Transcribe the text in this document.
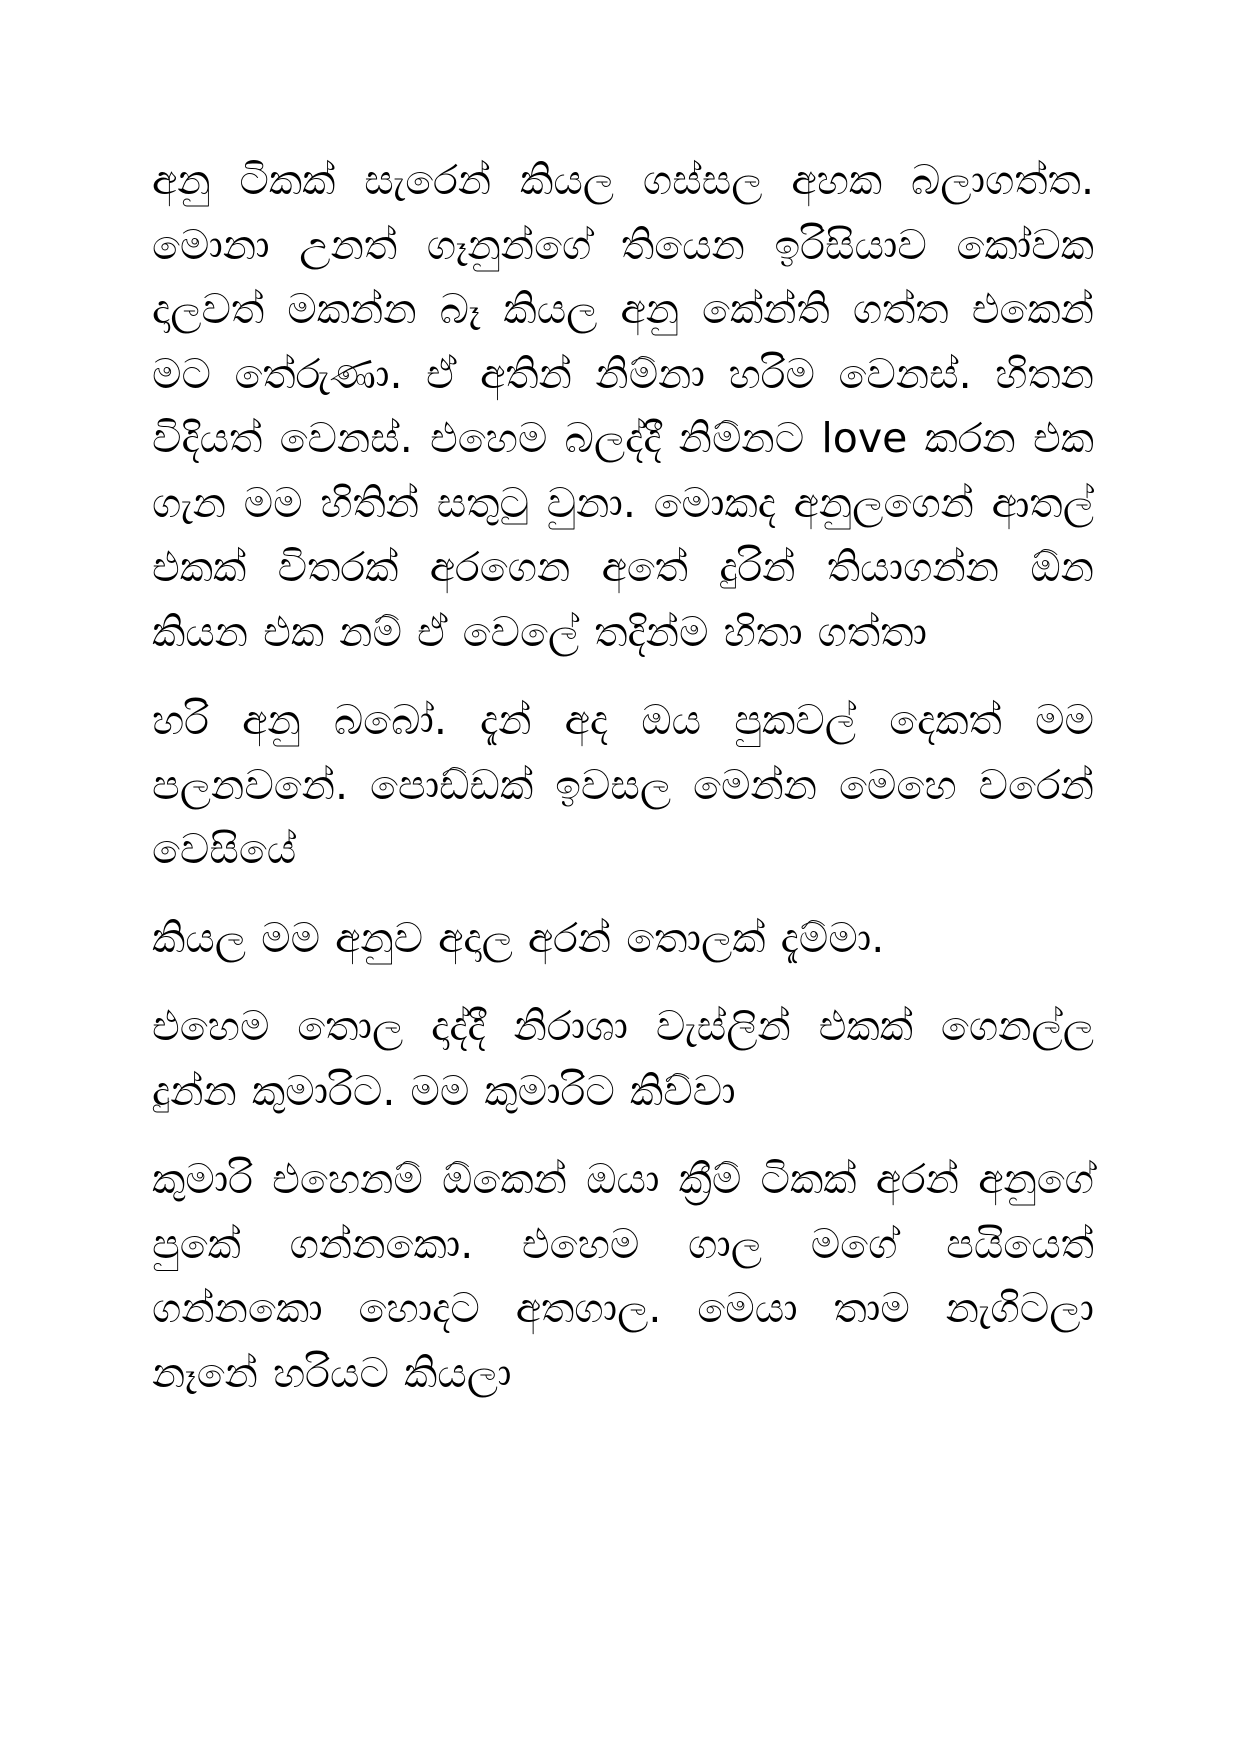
අනු ටිකක් සැරෙන් කියල ගස්සල අහක බලාගත්ත. මොනා උනත් ගෑනුන්ගේ තියෙන ඉරිසියාව කෝවක දාලවත් මකන්න බෑ කියල අනු කේන්ති ගත්ත එකෙන් මට තේරුණා. ඒ අතින් නිම්නා හරිම වෙනස්. හිතන විදියත් වෙනස්. එහෙම බලද්දී නිම්නට love කරන එක ගැන මම හිතින් සතුටු වුනා. මොකද අනුලගෙන් ආතල් එකක් විතරක් අරගෙන අතේ දුරින් තියාගන්න ඕන කියන එක නම් ඒ වෙලේ තදින්ම හිතා ගත්තා

හරි අනු බබෝ. දැන් අද ඔය පුකවල් දෙකත් මම පලනවනේ. පොඩ්ඩක් ඉවසල මෙන්න මෙහෙ වරෙන් වෙසියේ

කියල මම අනුව අදාල අරන් තොලක් දැම්මා.

එහෙම තොල දාද්දී නිරාශා වැස්ලින් එකක් ගෙනල්ල දුන්න කුමාරිට. මම කුමාරිට කිව්වා

කුමාරි එහෙනම් ඕකෙන් ඔයා ක්‍රීම් ටිකක් අරන් අනුගේ පුකේ ගන්නකො. එහෙම ගාල මගේ පයියෙත් ගන්නකො හොදට අතගාල. මෙයා තාම නැගිටලා නෑනේ හරියට කියලා
